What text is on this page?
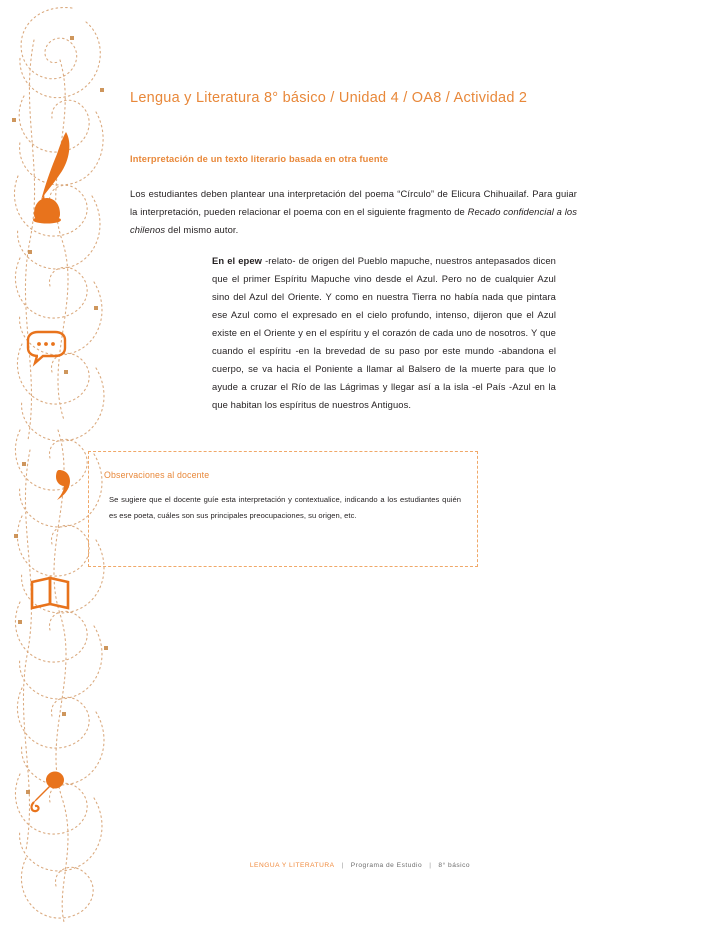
Lengua y Literatura 8° básico / Unidad 4 / OA8 / Actividad 2
Interpretación de un texto literario basada en otra fuente

Los estudiantes deben plantear una interpretación del poema “Círculo” de Elicura Chihuailaf. Para guiar la interpretación, pueden relacionar el poema con en el siguiente fragmento de Recado confidencial a los chilenos del mismo autor.

En el epew -relato- de origen del Pueblo mapuche, nuestros antepasados dicen que el primer Espíritu Mapuche vino desde el Azul. Pero no de cualquier Azul sino del Azul del Oriente. Y como en nuestra Tierra no había nada que pintara ese Azul como el expresado en el cielo profundo, intenso, dijeron que el Azul existe en el Oriente y en el espíritu y el corazón de cada uno de nosotros. Y que cuando el espíritu -en la brevedad de su paso por este mundo -abandona el cuerpo, se va hacia el Poniente a llamar al Balsero de la muerte para que lo ayude a cruzar el Río de las Lágrimas y llegar así a la isla -el País -Azul en la que habitan los espíritus de nuestros Antiguos.
Observaciones al docente
Se sugiere que el docente guíe esta interpretación y contextualice, indicando a los estudiantes quién es ese poeta, cuáles son sus principales preocupaciones, su origen, etc.
LENGUA Y LITERATURA | Programa de Estudio | 8° básico
